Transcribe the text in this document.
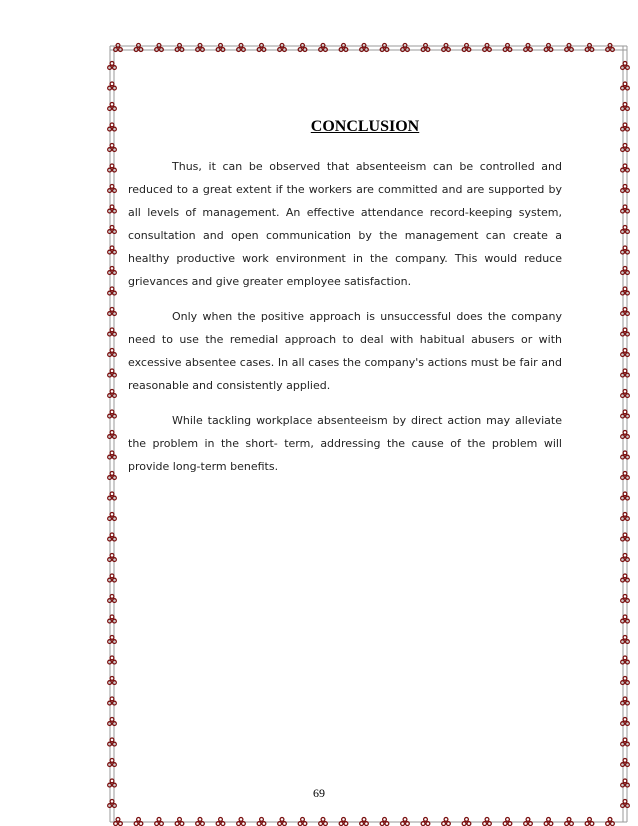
CONCLUSION

Thus, it can be observed that absenteeism can be controlled and reduced to a great extent if the workers are committed and are supported by all levels of management. An effective attendance record-keeping system, consultation and open communication by the management can create a healthy productive work environment in the company. This would reduce grievances and give greater employee satisfaction.

Only when the positive approach is unsuccessful does the company need to use the remedial approach to deal with habitual abusers or with excessive absentee cases. In all cases the company's actions must be fair and reasonable and consistently applied.

While tackling workplace absenteeism by direct action may alleviate the problem in the short- term, addressing the cause of the problem will provide long-term benefits.

69
